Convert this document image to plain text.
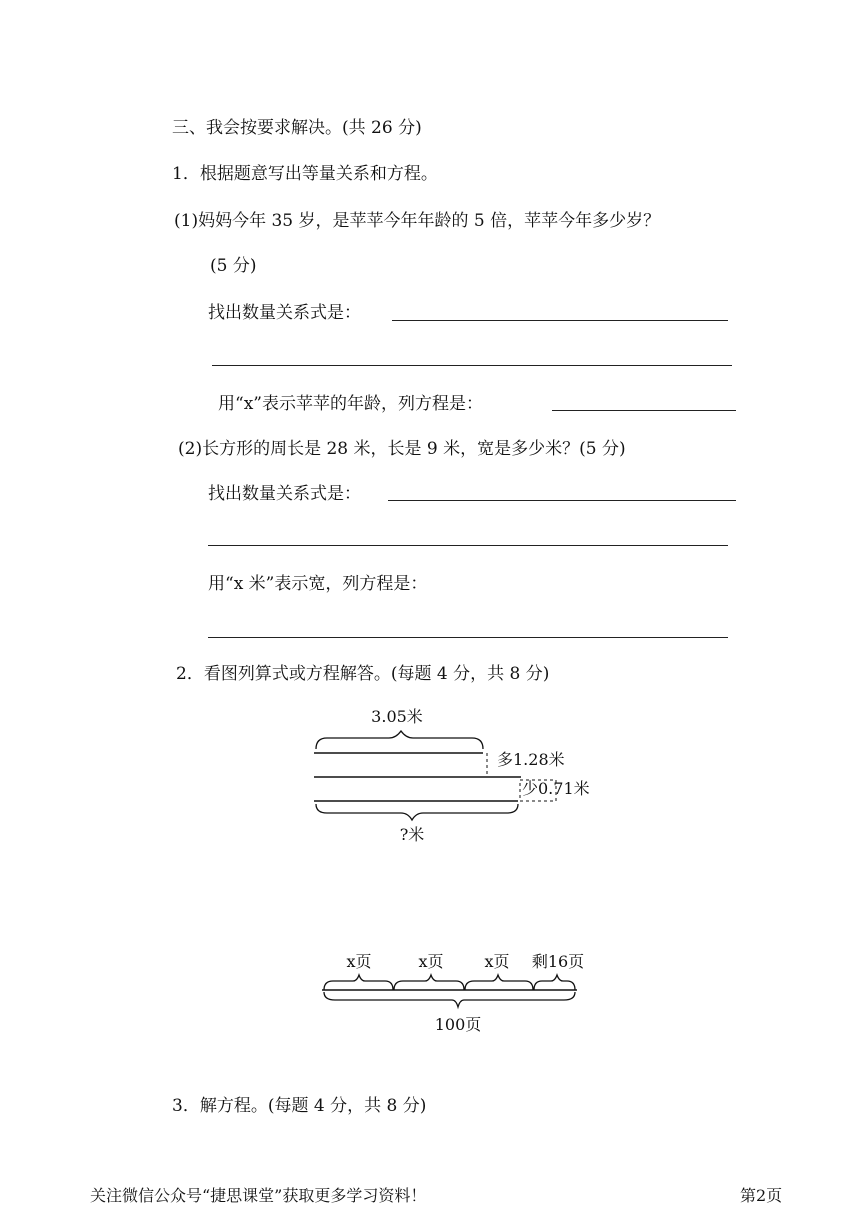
三、我会按要求解决。(共 26 分)
1．根据题意写出等量关系和方程。
(1)妈妈今年 35 岁，是苹苹今年年龄的 5 倍，苹苹今年多少岁？
(5 分)
找出数量关系式是：
用“x”表示苹苹的年龄，列方程是：
(2)长方形的周长是 28 米，长是 9 米，宽是多少米？(5 分)
找出数量关系式是：
用“x 米”表示宽，列方程是：
2．看图列算式或方程解答。(每题 4 分，共 8 分)
3.05米
多1.28米
少0.71米
?米
x页	x页	x页 剩16页
100页
3．解方程。(每题 4 分，共 8 分)
关注微信公众号“捷思课堂”获取更多学习资料！	第2页
